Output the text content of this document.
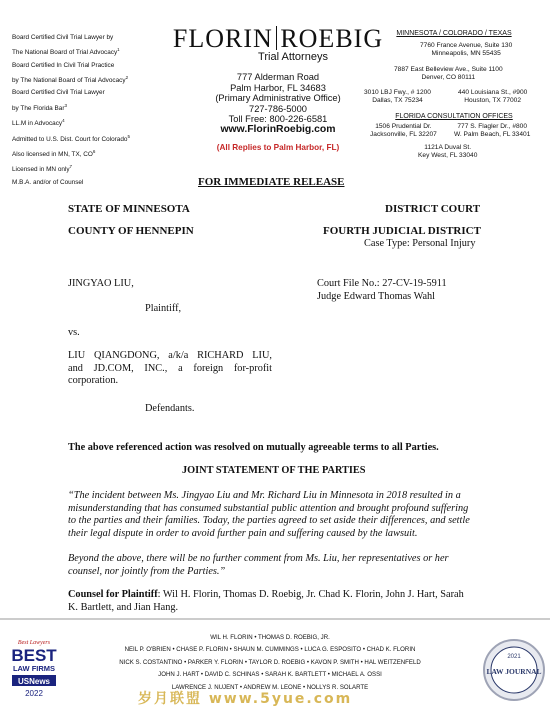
Board Certified Civil Trial Lawyer by
The National Board of Trial Advocacy$^1$
Board Certified In Civil Trial Practice
by The National Board of Trial Advocacy$^2$
Board Certified Civil Trial Lawyer
by The Florida Bar$^3$
LL.M in Advocacy$^4$
Admitted to U.S. Dist. Court for Colorado$^5$
Also licensed in MN, TX, $CO^6$
Licensed in MN only$^7$
M.B.A. and/or of Counsel
FLORIN ROEBIG
Trial Attorneys
777 Alderman Road
Palm Harbor, FL 34683
(Primary Administrative Office)
727-786-5000
Toll Free: 800-226-6581
www.FlorinRoebig.com
(All Replies to Palm Harbor, FL)
MINNESOTA / COLORADO / TEXAS
7760 France Avenue, Suite 130
Minneapolis, MN 55435
7887 East Belleview Ave., Suite 1100
Denver, CO 80111
3010 LBJ Fwy., # 1200
Dallas, TX 75234
440 Louisiana St., #900
Houston, TX 77002
FLORIDA CONSULTATION OFFICES
1506 Prudential Dr.
Jacksonville, FL 32207
777 S. Flagler Dr., #800
W. Palm Beach, FL 33401
1121A Duval St.
Key West, FL 33040
FOR IMMEDIATE RELEASE
STATE OF MINNESOTA
COUNTY OF HENNEPIN
DISTRICT COURT
FOURTH JUDICIAL DISTRICT
Case Type: Personal Injury
JINGYAO LIU,
Plaintiff,
vs.
LIU QIANGDONG, a/k/a RICHARD LIU,
and JD.COM, INC., a foreign for-profit
corporation.
Defendants.
Court File No.: 27-CV-19-5911
Judge Edward Thomas Wahl
The above referenced action was resolved on mutually agreeable terms to all Parties.
JOINT STATEMENT OF THE PARTIES
“The incident between Ms. Jingyao Liu and Mr. Richard Liu in Minnesota in 2018 resulted in a
misunderstanding that has consumed substantial public attention and brought profound suffering
to the parties and their families. Today, the parties agreed to set aside their differences, and settle
their legal dispute in order to avoid further pain and suffering caused by the lawsuit.
Beyond the above, there will be no further comment from Ms. Liu, her representatives or her
counsel, nor jointly from the Parties.”
Counsel for Plaintiff: Wil H. Florin, Thomas D. Roebig, Jr. Chad K. Florin, John J. Hart, Sarah
K. Bartlett, and Jian Hang.
WIL H. FLORIN • THOMAS D. ROEBIG, JR.
NEIL P. O'BRIEN • CHASE P. FLORIN • SHAUN M. CUMMINGS • LUCA G. ESPOSITO • CHAD K. FLORIN
NICK S. COSTANTINO • PARKER Y. FLORIN • TAYLOR D. ROEBIG • KAVON P. SMITH • HAL WEITZENFELD
JOHN J. HART • DAVID C. SCHINAS • SARAH K. BARTLETT • MICHAEL A. OSSI
LAWRENCE J. NUJENT • ANDREW M. LEONE • NOLLYS R. SOLARTE
Best Lawyers
BEST
LAW FIRMS
USNews
2022
2021
LAW JOURNAL
岁月联盟 www.5yue.com
